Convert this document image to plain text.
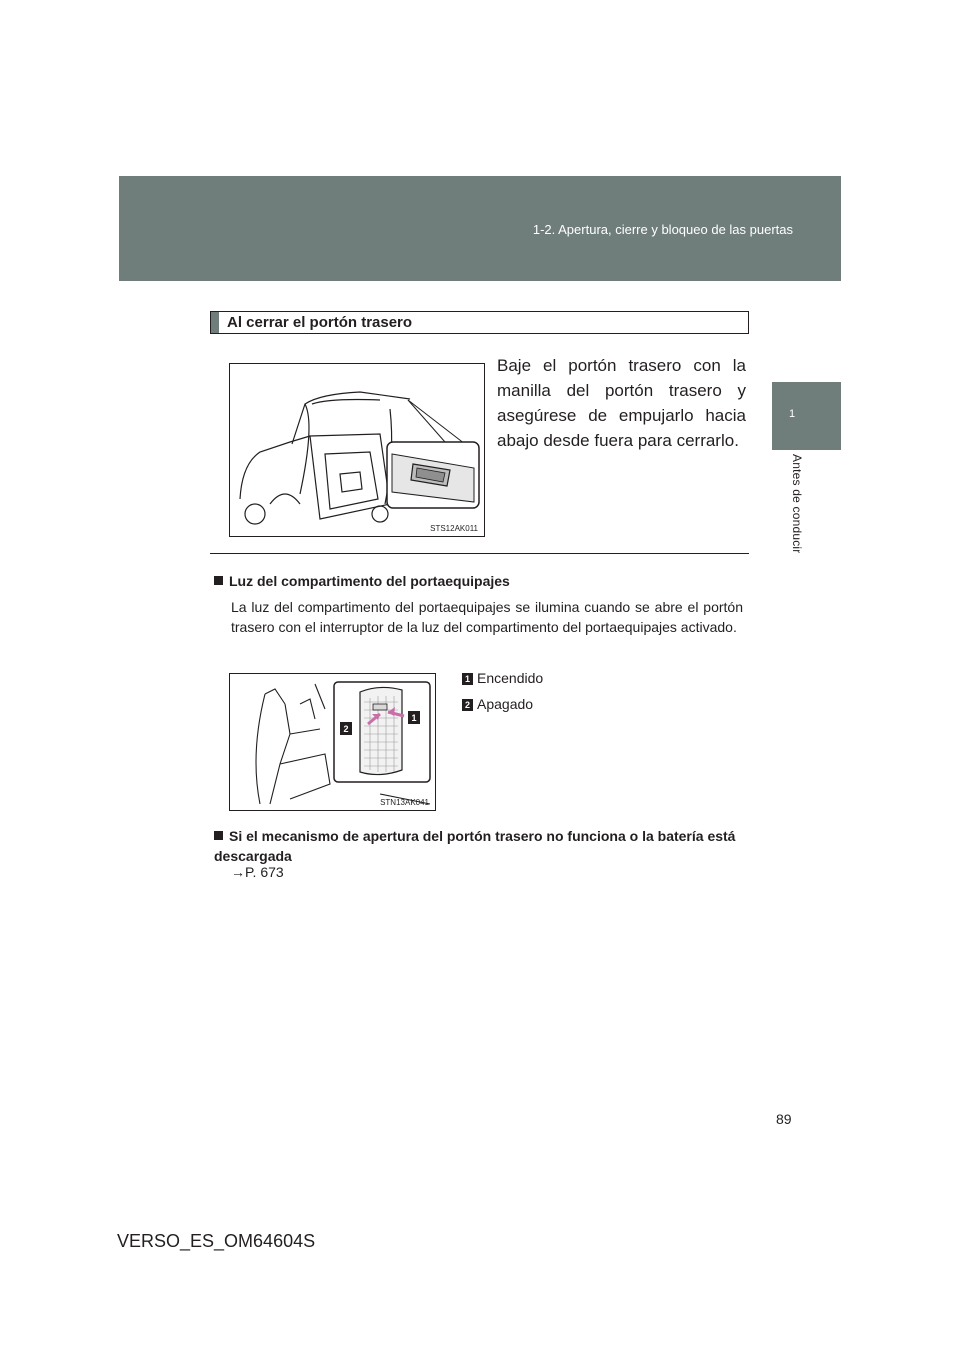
1-2. Apertura, cierre y bloqueo de las puertas
1
Antes de conducir
Al cerrar el portón trasero
STS12AK011
Baje el portón trasero con la manilla del portón trasero y asegúrese de empujarlo hacia abajo desde fuera para cerrarlo.
Luz del compartimento del portaequipajes
La luz del compartimento del portaequipajes se ilumina cuando se abre el portón trasero con el interruptor de la luz del compartimento del portaequipajes activado.
2
1
STN13AK041
1 Encendido
2 Apagado
Si el mecanismo de apertura del portón trasero no funciona o la batería está descargada
→P. 673
89
VERSO_ES_OM64604S
